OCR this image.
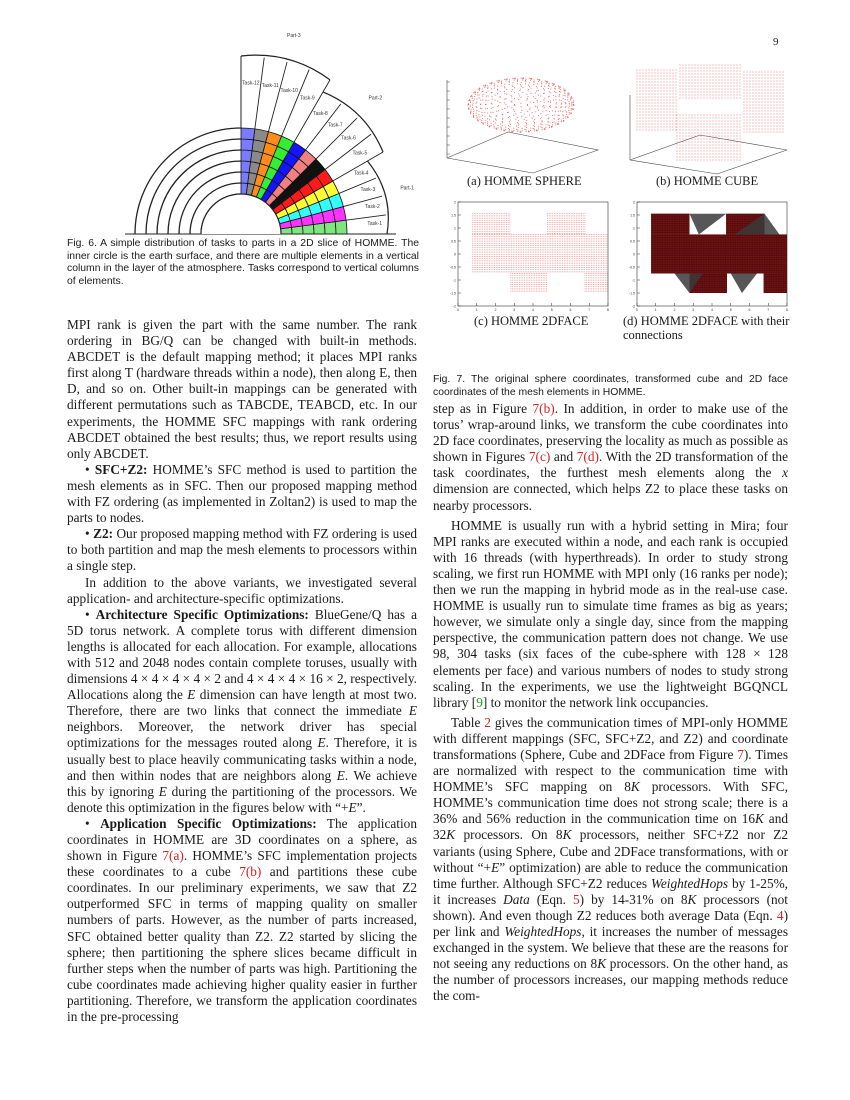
9
Task-1
Task-2
Task-3
Task-4
Task-5
Task-6
Task-7
Task-8
Task-9
Task-10
Task-11
Task-12
Part-1
Part-2
Part-3
Fig. 6. A simple distribution of tasks to parts in a 2D slice of HOMME. The inner circle is the earth surface, and there are multiple elements in a vertical column in the layer of the atmosphere. Tasks correspond to vertical columns of elements.
(a) HOMME SPHERE	(b) HOMME CUBE
2
1.5
1
0.5
0
-0.5
-1
-1.5
-2
0	1	2	3	4	5	6	7	8
(c) HOMME 2DFACE
2
1.5
1
0.5
0
-0.5
-1
-1.5
-2
0	1	2	3	4	5	6	7	8
(d) HOMME 2DFACE with their connections
Fig. 7. The original sphere coordinates, transformed cube and 2D face coordinates of the mesh elements in HOMME.

MPI rank is given the part with the same number. The rank ordering in BG/Q can be changed with built-in methods. ABCDET is the default mapping method; it places MPI ranks first along T (hardware threads within a node), then along E, then D, and so on. Other built-in mappings can be generated with different permutations such as TABCDE, TEABCD, etc. In our experiments, the HOMME SFC mappings with rank ordering ABCDET obtained the best results; thus, we report results using only ABCDET.

• SFC+Z2: HOMME’s SFC method is used to partition the mesh elements as in SFC. Then our proposed mapping method with FZ ordering (as implemented in Zoltan2) is used to map the parts to nodes.

• Z2: Our proposed mapping method with FZ ordering is used to both partition and map the mesh elements to processors within a single step.

In addition to the above variants, we investigated several application- and architecture-specific optimizations.

• Architecture Specific Optimizations: BlueGene/Q has a 5D torus network. A complete torus with different dimension lengths is allocated for each allocation. For example, allocations with 512 and 2048 nodes contain complete toruses, usually with dimensions 4 × 4 × 4 × 4 × 2 and 4 × 4 × 4 × 16 × 2, respectively. Allocations along the E dimension can have length at most two. Therefore, there are two links that connect the immediate E neighbors. Moreover, the network driver has special optimizations for the messages routed along E. Therefore, it is usually best to place heavily communicating tasks within a node, and then within nodes that are neighbors along E. We achieve this by ignoring E during the partitioning of the processors. We denote this optimization in the figures below with “+E”.

• Application Specific Optimizations: The application coordinates in HOMME are 3D coordinates on a sphere, as shown in Figure 7(a). HOMME’s SFC implementation projects these coordinates to a cube 7(b) and partitions these cube coordinates. In our preliminary experiments, we saw that Z2 outperformed SFC in terms of mapping quality on smaller numbers of parts. However, as the number of parts increased, SFC obtained better quality than Z2. Z2 started by slicing the sphere; then partitioning the sphere slices became difficult in further steps when the number of parts was high. Partitioning the cube coordinates made achieving higher quality easier in further partitioning. Therefore, we transform the application coordinates in the pre-processing

step as in Figure 7(b). In addition, in order to make use of the torus’ wrap-around links, we transform the cube coordinates into 2D face coordinates, preserving the locality as much as possible as shown in Figures 7(c) and 7(d). With the 2D transformation of the task coordinates, the furthest mesh elements along the x dimension are connected, which helps Z2 to place these tasks on nearby processors.

HOMME is usually run with a hybrid setting in Mira; four MPI ranks are executed within a node, and each rank is occupied with 16 threads (with hyperthreads). In order to study strong scaling, we first run HOMME with MPI only (16 ranks per node); then we run the mapping in hybrid mode as in the real-use case. HOMME is usually run to simulate time frames as big as years; however, we simulate only a single day, since from the mapping perspective, the communication pattern does not change. We use 98, 304 tasks (six faces of the cube-sphere with 128 × 128 elements per face) and various numbers of nodes to study strong scaling. In the experiments, we use the lightweight BGQNCL library [9] to monitor the network link occupancies.

Table 2 gives the communication times of MPI-only HOMME with different mappings (SFC, SFC+Z2, and Z2) and coordinate transformations (Sphere, Cube and 2DFace from Figure 7). Times are normalized with respect to the communication time with HOMME’s SFC mapping on 8K processors. With SFC, HOMME’s communication time does not strong scale; there is a 36% and 56% reduction in the communication time on 16K and 32K processors. On 8K processors, neither SFC+Z2 nor Z2 variants (using Sphere, Cube and 2DFace transformations, with or without “+E” optimization) are able to reduce the communication time further. Although SFC+Z2 reduces WeightedHops by 1-25%, it increases Data (Eqn. 5) by 14-31% on 8K processors (not shown). And even though Z2 reduces both average Data (Eqn. 4) per link and WeightedHops, it increases the number of messages exchanged in the system. We believe that these are the reasons for not seeing any reductions on 8K processors. On the other hand, as the number of processors increases, our mapping methods reduce the com-
